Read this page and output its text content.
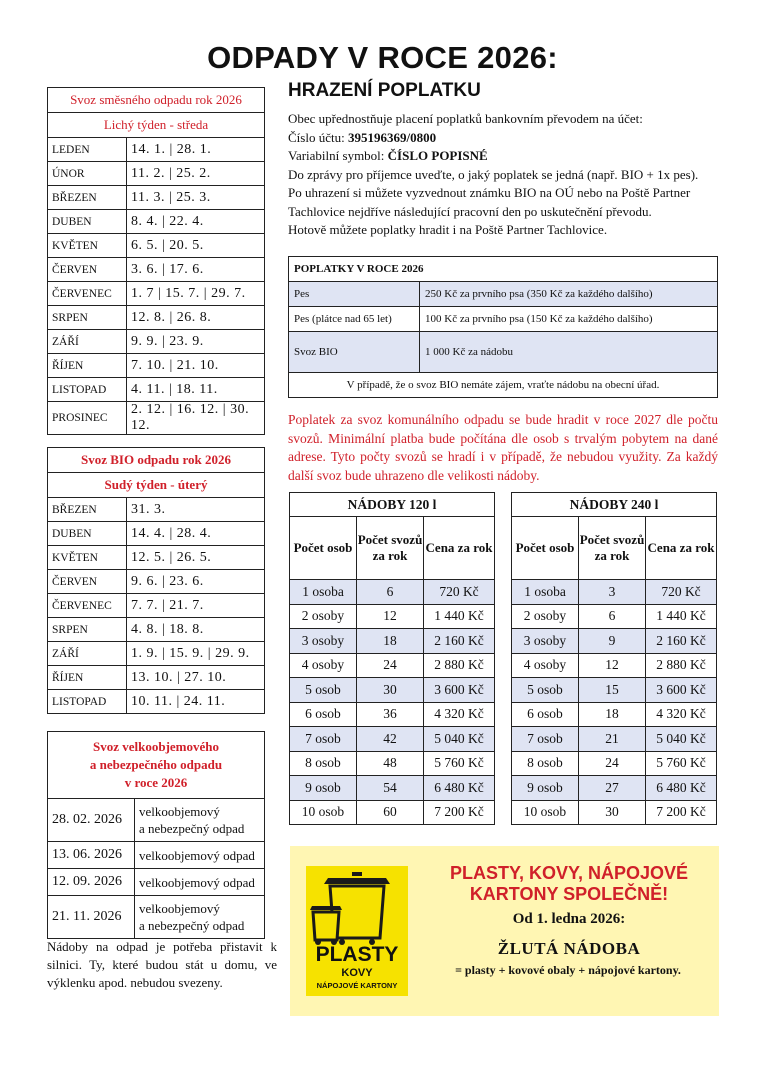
ODPADY V ROCE 2026:
Svoz směsného odpadu rok 2026	
Lichý týden - středa	
LEDEN	14. 1. | 28. 1.
ÚNOR	11. 2. | 25. 2.
BŘEZEN	11. 3. | 25. 3.
DUBEN	8. 4. | 22. 4.
KVĚTEN	6. 5. | 20. 5.
ČERVEN	3. 6. | 17. 6.
ČERVENEC	1. 7 | 15. 7. | 29. 7.
SRPEN	12. 8. | 26. 8.
ZÁŘÍ	9. 9. | 23. 9.
ŘÍJEN	7. 10. | 21. 10.
LISTOPAD	4. 11. | 18. 11.
PROSINEC	2. 12. | 16. 12. | 30. 12.
Svoz BIO odpadu rok 2026	
Sudý týden - úterý	
BŘEZEN	31. 3.
DUBEN	14. 4. | 28. 4.
KVĚTEN	12. 5. | 26. 5.
ČERVEN	9. 6. | 23. 6.
ČERVENEC	7. 7. | 21. 7.
SRPEN	4. 8. | 18. 8.
ZÁŘÍ	1. 9. | 15. 9. | 29. 9.
ŘÍJEN	13. 10. | 27. 10.
LISTOPAD	10. 11. | 24. 11.
Svoz velkoobjemového
a nebezpečného odpadu
v roce 2026	

28. 02. 2026	velkoobjemový
a nebezpečný odpad

13. 06. 2026	velkoobjemový odpad

12. 09. 2026	velkoobjemový odpad

21. 11. 2026	velkoobjemový
a nebezpečný odpad
Nádoby na odpad je potřeba přistavit k silnici. Ty, které budou stát u domu, ve výklenku apod. nebudou svezeny.
HRAZENÍ POPLATKU
Obec upřednostňuje placení poplatků bankovním převodem na účet:
Číslo účtu: 395196369/0800
Variabilní symbol: ČÍSLO POPISNÉ
Do zprávy pro příjemce uveďte, o jaký poplatek se jedná (např. BIO + 1x pes).
Po uhrazení si můžete vyzvednout známku BIO na OÚ nebo na Poště Partner
Tachlovice nejdříve následující pracovní den po uskutečnění převodu.
Hotově můžete poplatky hradit i na Poště Partner Tachlovice.
POPLATKY V ROCE 2026	
Pes	250 Kč za prvního psa (350 Kč za každého dalšího)
Pes (plátce nad 65 let)	100 Kč za prvního psa (150 Kč za každého dalšího)
Svoz BIO	1 000 Kč za nádobu
V případě, že o svoz BIO nemáte zájem, vraťte nádobu na obecní úřad.	
Poplatek za svoz komunálního odpadu se bude hradit v roce 2027 dle počtu svozů. Minimální platba bude počítána dle osob s trvalým pobytem na dané adrese. Tyto počty svozů se hradí i v případě, že nebudou využity. Za každý další svoz bude uhrazeno dle velikosti nádoby.
NÁDOBY 120 l		
Počet osob	Počet svozů za rok	Cena za rok
1 osoba	6	720 Kč
2 osoby	12	1 440 Kč
3 osoby	18	2 160 Kč
4 osoby	24	2 880 Kč
5 osob	30	3 600 Kč
6 osob	36	4 320 Kč
7 osob	42	5 040 Kč
8 osob	48	5 760 Kč
9 osob	54	6 480 Kč
10 osob	60	7 200 Kč
NÁDOBY 240 l		
Počet osob	Počet svozů za rok	Cena za rok
1 osoba	3	720 Kč
2 osoby	6	1 440 Kč
3 osoby	9	2 160 Kč
4 osoby	12	2 880 Kč
5 osob	15	3 600 Kč
6 osob	18	4 320 Kč
7 osob	21	5 040 Kč
8 osob	24	5 760 Kč
9 osob	27	6 480 Kč
10 osob	30	7 200 Kč
PLASTY
KOVY
NÁPOJOVÉ KARTONY
PLASTY, KOVY, NÁPOJOVÉ
KARTONY SPOLEČNĚ!
Od 1. ledna 2026:
ŽLUTÁ NÁDOBA
= plasty + kovové obaly + nápojové kartony.
